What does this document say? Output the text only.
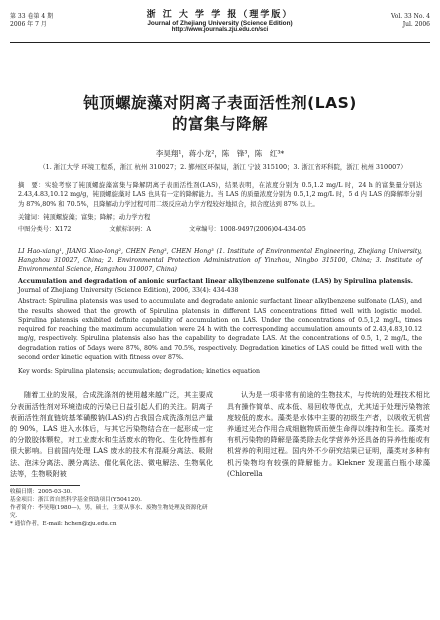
第 33 卷第 4 期
2006 年 7 月
浙 江 大 学 学 报（理学版）
Journal of Zhejiang University (Science Edition)
http://www.journals.zju.edu.cn/sci
Vol. 33 No. 4
Jul. 2006
钝顶螺旋藻对阴离子表面活性剂(LAS)
的富集与降解
李昊翔¹，蒋小龙²，陈　锋³，陈　红³*
（1. 浙江大学 环境工程系，浙江 杭州 310027；2. 鄞州区环保局，浙江 宁波 315100；3. 浙江省环科院，浙江 杭州 310007）
摘　要：实验考察了钝顶螺旋藻富集与降解阴离子表面活性剂(LAS)，结果表明，在浓度分别为 0.5,1.2 mg/L 时，24 h 的富集量分别达 2.43,4.83,10.12 mg/g，钝顶螺旋藻对 LAS 也具有一定的降解能力。当 LAS 的质量浓度分别为 0.5,1,2 mg/L 时，5 d 内 LAS 的降解率分别为 87%,80% 和 70.5%，且降解动力学过程可用二级反应动力学方程较好地拟合，拟合度达到 87% 以上。
关键词：钝顶螺旋藻；富集；降解；动力学方程
中图分类号：X172	文献标识码：A	文章编号：1008-9497(2006)04-434-05
LI Hao-xiang¹, JIANG Xiao-long², CHEN Feng³, CHEN Hong³ (1. Institute of Environmental Engineering, Zhejiang University, Hangzhou 310027, China; 2. Environmental Protection Administration of Yinzhou, Ningbo 315100, China; 3. Institute of Environmental Science, Hangzhou 310007, China)
Accumulation and degradation of anionic surfactant linear alkylbenzene sulfonate (LAS) by Spirulina platensis.
Journal of Zhejiang University (Science Edition), 2006, 33(4): 434-438
Abstract: Spirulina platensis was used to accumulate and degradate anionic surfactant linear alkylbenzene sulfonate (LAS), and the results showed that the growth of Spirulina platensis in different LAS concentrations fitted well with logistic model. Spirulina platensis exhibited definite capability of accumulation on LAS. Under the concentrations of 0.5,1,2 mg/L, times required for reaching the maximum accumulation were 24 h with the corresponding accumulation amounts of 2.43,4.83,10.12 mg/g, respectively. Spirulina platensis also has the capability to degradate LAS. At the concentrations of 0.5, 1, 2 mg/L, the degradation ratios of 5days were 87%, 80% and 70.5%, respectively. Degradation kinetics of LAS could be fitted well with the second order kinetic equation with fitness over 87%.
Key words: Spirulina platensis; accumulation; degradation; kinetics equation
随着工业的发展，合成洗涤剂的使用越来越广泛，其主要成分表面活性剂对环境造成的污染已日益引起人们的关注。阴离子表面活性剂直链烷基苯磺酸钠(LAS)约占我国合成洗涤剂总产量的 90%，LAS 进入水体后，与其它污染物结合在一起形成一定的分散胶体颗粒，对工业废水和生活废水的物化、生化特性都有很大影响。目前国内处理 LAS 废水的技术有混凝分离法、吸附法、泡沫分离法、膜分离法、催化氧化法、微电解法、生物氧化法等，生物吸附被
收稿日期：2005-03-30.
基金项目：浙江省自然科学基金资助项目(Y504120).
作者简介：李昊翔(1980—)，男，硕士，主要从事水、废物生物处理及资源化研究.
* 通信作者，E-mail: hchen@zju.edu.cn
认为是一项非常有前途的生物技术，与传统的处理技术相比具有操作简单、成本低、易回收等优点，尤其适于处理污染物浓度较低的废水。藻类是水体中主要的初级生产者，以吸收无机营养通过光合作用合成细胞物质而使生命得以维持和生长。藻类对有机污染物的降解是藻类除去化学营养外还具备的异养性能或有机营养的利用过程。国内外不少研究结果已证明，藻类对多种有机污染物均有较强的降解能力。Klekner 发现蓝白瓶小球藻(Chlorella
